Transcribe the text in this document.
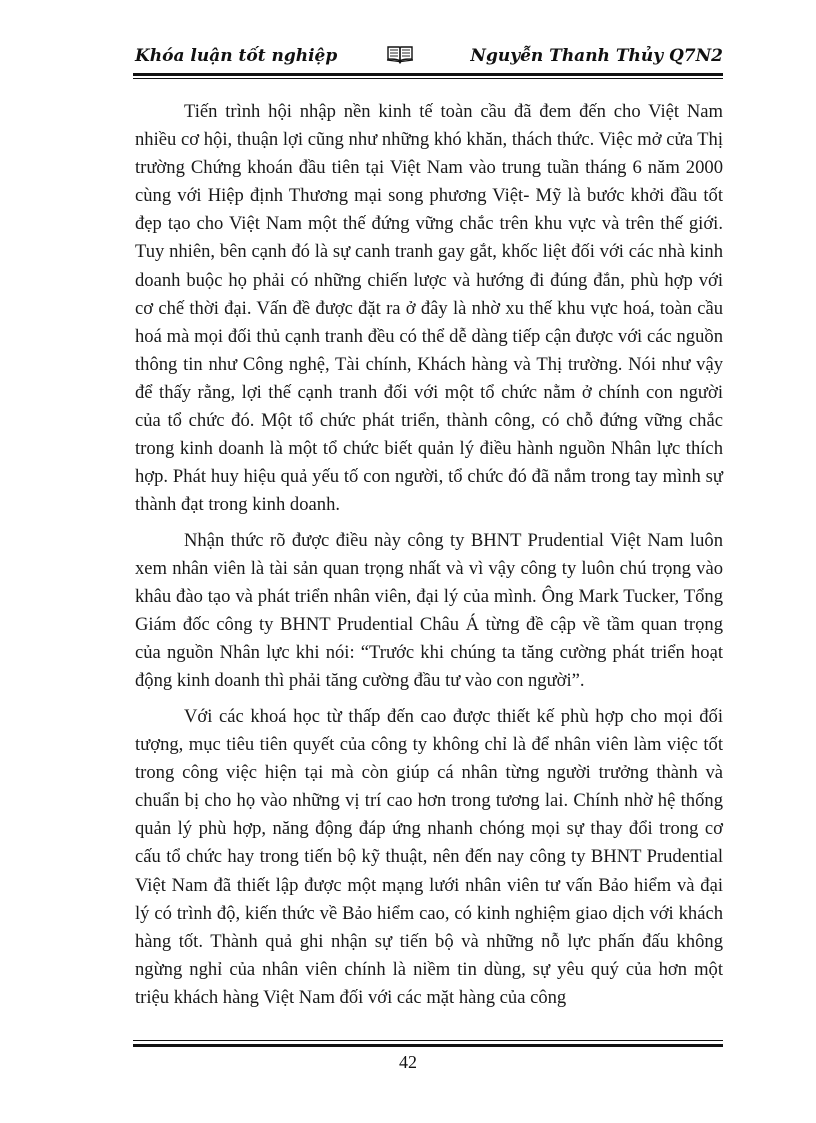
Khóa luận tốt nghiệp	Nguyễn Thanh Thủy Q7N2

Tiến trình hội nhập nền kinh tế toàn cầu đã đem đến cho Việt Nam nhiều cơ hội, thuận lợi cũng như những khó khăn, thách thức. Việc mở cửa Thị trường Chứng khoán đầu tiên tại Việt Nam vào trung tuần tháng 6 năm 2000 cùng với Hiệp định Thương mại song phương Việt- Mỹ là bước khởi đầu tốt đẹp tạo cho Việt Nam một thế đứng vững chắc trên khu vực và trên thế giới. Tuy nhiên, bên cạnh đó là sự canh tranh gay gắt, khốc liệt đối với các nhà kinh doanh buộc họ phải có những chiến lược và hướng đi đúng đắn, phù hợp với cơ chế thời đại. Vấn đề được đặt ra ở đây là nhờ xu thế khu vực hoá, toàn cầu hoá mà mọi đối thủ cạnh tranh đều có thể dễ dàng tiếp cận được với các nguồn thông tin như Công nghệ, Tài chính, Khách hàng và Thị trường. Nói như vậy để thấy rằng, lợi thế cạnh tranh đối với một tổ chức nằm ở chính con người của tổ chức đó. Một tổ chức phát triển, thành công, có chỗ đứng vững chắc trong kinh doanh là một tổ chức biết quản lý điều hành nguồn Nhân lực thích hợp. Phát huy hiệu quả yếu tố con người, tổ chức đó đã nắm trong tay mình sự thành đạt trong kinh doanh.

Nhận thức rõ được điều này công ty BHNT Prudential Việt Nam luôn xem nhân viên là tài sản quan trọng nhất và vì vậy công ty luôn chú trọng vào khâu đào tạo và phát triển nhân viên, đại lý của mình. Ông Mark Tucker, Tổng Giám đốc công ty BHNT Prudential Châu Á từng đề cập về tầm quan trọng của nguồn Nhân lực khi nói: “Trước khi chúng ta tăng cường phát triển hoạt động kinh doanh thì phải tăng cường đầu tư vào con người”.

Với các khoá học từ thấp đến cao được thiết kế phù hợp cho mọi đối tượng, mục tiêu tiên quyết của công ty không chỉ là để nhân viên làm việc tốt trong công việc hiện tại mà còn giúp cá nhân từng người trưởng thành và chuẩn bị cho họ vào những vị trí cao hơn trong tương lai. Chính nhờ hệ thống quản lý phù hợp, năng động đáp ứng nhanh chóng mọi sự thay đổi trong cơ cấu tổ chức hay trong tiến bộ kỹ thuật, nên đến nay công ty BHNT Prudential Việt Nam đã thiết lập được một mạng lưới nhân viên tư vấn Bảo hiểm và đại lý có trình độ, kiến thức về Bảo hiểm cao, có kinh nghiệm giao dịch với khách hàng tốt. Thành quả ghi nhận sự tiến bộ và những nỗ lực phấn đấu không ngừng nghỉ của nhân viên chính là niềm tin dùng, sự yêu quý của hơn một triệu khách hàng Việt Nam đối với các mặt hàng của công

42
